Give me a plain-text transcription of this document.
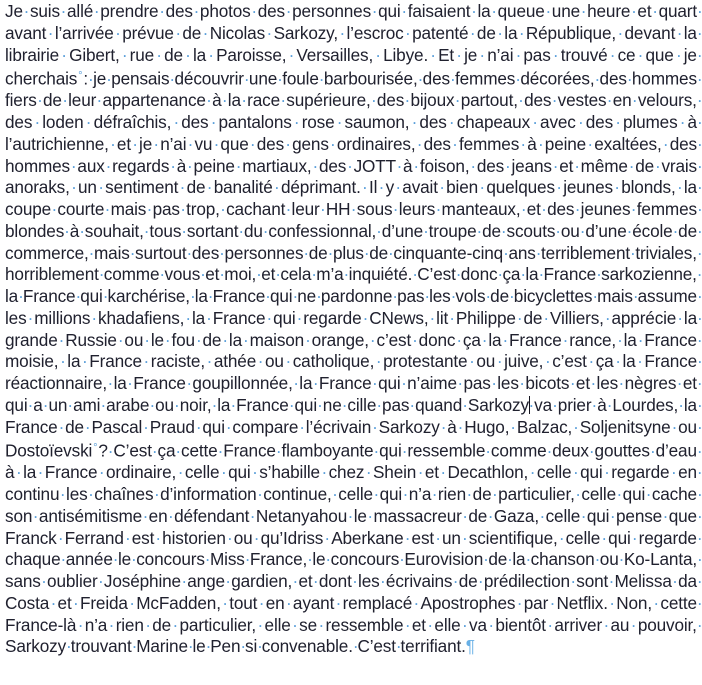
Je · suis · allé · prendre · des · photos · des · personnes · qui · faisaient · la · queue · une · heure · et · quart avant · l’arrivée · prévue · de · Nicolas · Sarkozy, · l’escroc · patenté · de · la · République, · devant · la librairie · Gibert, · rue · de · la · Paroisse, · Versailles, · Libye. · Et · je · n’ai · pas · trouvé · ce · que · je cherchais°: · je · pensais · découvrir · une · foule · barbourisée, · des · femmes · décorées, · des · hommes fiers · de · leur · appartenance · à · la · race · supérieure, · des · bijoux · partout, · des · vestes · en · velours, des · loden · défraîchis, · des · pantalons · rose · saumon, · des · chapeaux · avec · des · plumes · à l’autrichienne, · et · je · n’ai · vu · que · des · gens · ordinaires, · des · femmes · à · peine · exaltées, · des hommes · aux · regards · à · peine · martiaux, · des · JOTT · à · foison, · des · jeans · et · même · de · vrais anoraks, · un · sentiment · de · banalité · déprimant. · Il · y · avait · bien · quelques · jeunes · blonds, · la coupe · courte · mais · pas · trop, · cachant · leur · HH · sous · leurs · manteaux, · et · des · jeunes · femmes blondes · à · souhait, · tous · sortant · du · confessionnal, · d’une · troupe · de · scouts · ou · d’une · école · de commerce, · mais · surtout · des · personnes · de · plus · de · cinquante-cinq · ans · terriblement · triviales, horriblement · comme · vous · et · moi, · et · cela · m’a · inquiété. · C’est · donc · ça · la · France · sarkozienne, la · France · qui · karchérise, · la · France · qui · ne · pardonne · pas · les · vols · de · bicyclettes · mais · assume les · millions · khadafiens, · la · France · qui · regarde · CNews, · lit · Philippe · de · Villiers, · apprécie · la grande · Russie · ou · le · fou · de · la · maison · orange, · c’est · donc · ça · la · France · rance, · la · France moisie, · la · France · raciste, · athée · ou · catholique, · protestante · ou · juive, · c’est · ça · la · France réactionnaire, · la · France · goupillonnée, · la · France · qui · n’aime · pas · les · bicots · et · les · nègres · et qui · a · un · ami · arabe · ou · noir, · la · France · qui · ne · cille · pas · quand · Sarkozy · va · prier · à · Lourdes, · la France · de · Pascal · Praud · qui · compare · l’écrivain · Sarkozy · à · Hugo, · Balzac, · Soljenitsyne · ou Dostoïevski°? · C’est · ça · cette · France · flamboyante · qui · ressemble · comme · deux · gouttes · d’eau à · la · France · ordinaire, · celle · qui · s’habille · chez · Shein · et · Decathlon, · celle · qui · regarde · en continu · les · chaînes · d’information · continue, · celle · qui · n’a · rien · de · particulier, · celle · qui · cache son · antisémitisme · en · défendant · Netanyahou · le · massacreur · de · Gaza, · celle · qui · pense · que Franck · Ferrand · est · historien · ou · qu’Idriss · Aberkane · est · un · scientifique, · celle · qui · regarde chaque · année · le · concours · Miss · France, · le · concours · Eurovision · de · la · chanson · ou · Ko-Lanta, sans · oublier · Joséphine · ange · gardien, · et · dont · les · écrivains · de · prédilection · sont · Melissa · da Costa · et · Freida · McFadden, · tout · en · ayant · remplacé · Apostrophes · par · Netflix. · Non, · cette France-là · n’a · rien · de · particulier, · elle · se · ressemble · et · elle · va · bientôt · arriver · au · pouvoir, Sarkozy · trouvant · Marine · le · Pen · si · convenable. · C’est · terrifiant.¶
